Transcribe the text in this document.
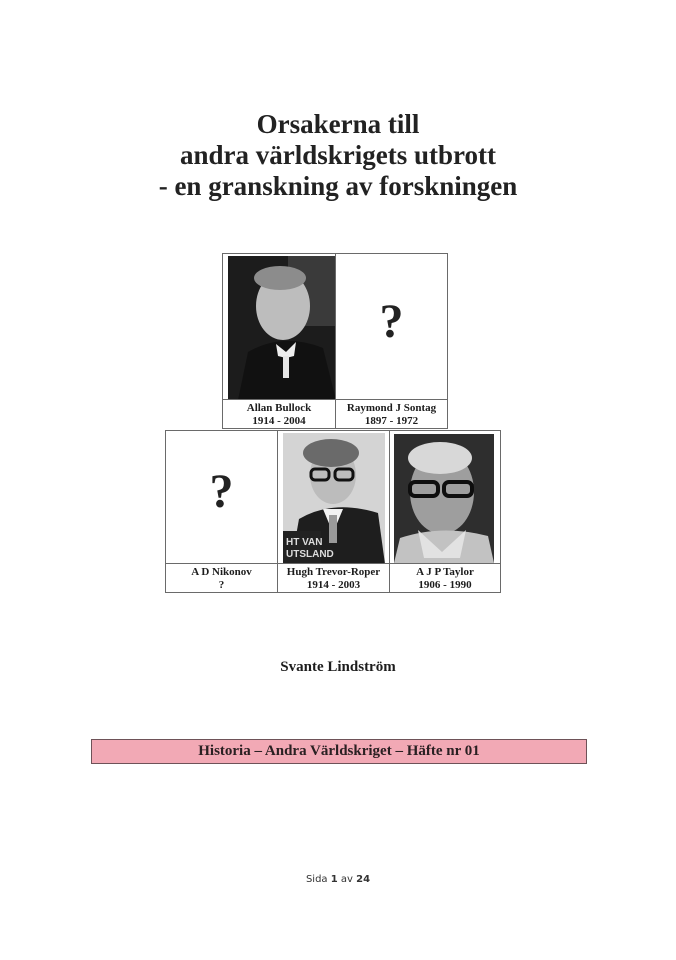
Orsakerna till
andra världskrigets utbrott
- en granskning av forskningen
Allan Bullock
1914 - 2004
?
Raymond J Sontag
1897 - 1972
?
A D Nikonov
?
HT VAN
UTSLAND
Hugh Trevor-Roper
1914 - 2003
A J P Taylor
1906 - 1990
Svante Lindström
Historia – Andra Världskriget – Häfte nr 01
Sida 1 av 24
